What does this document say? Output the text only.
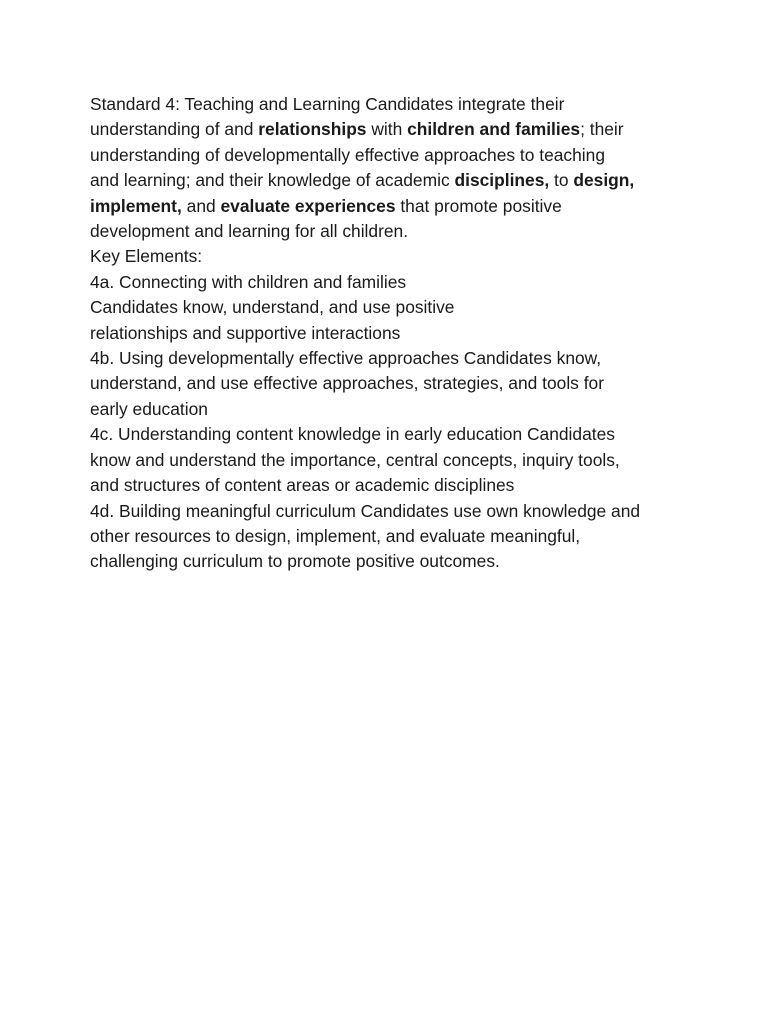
Standard 4: Teaching and Learning Candidates integrate their
understanding of and relationships with children and families; their
understanding of developmentally effective approaches to teaching
and learning; and their knowledge of academic disciplines, to design,
implement, and evaluate experiences that promote positive
development and learning for all children.
Key Elements:
4a. Connecting with children and families
Candidates know, understand, and use positive
relationships and supportive interactions
4b. Using developmentally effective approaches Candidates know,
understand, and use effective approaches, strategies, and tools for
early education
4c. Understanding content knowledge in early education Candidates
know and understand the importance, central concepts, inquiry tools,
and structures of content areas or academic disciplines
4d. Building meaningful curriculum Candidates use own knowledge and
other resources to design, implement, and evaluate meaningful,
challenging curriculum to promote positive outcomes.
